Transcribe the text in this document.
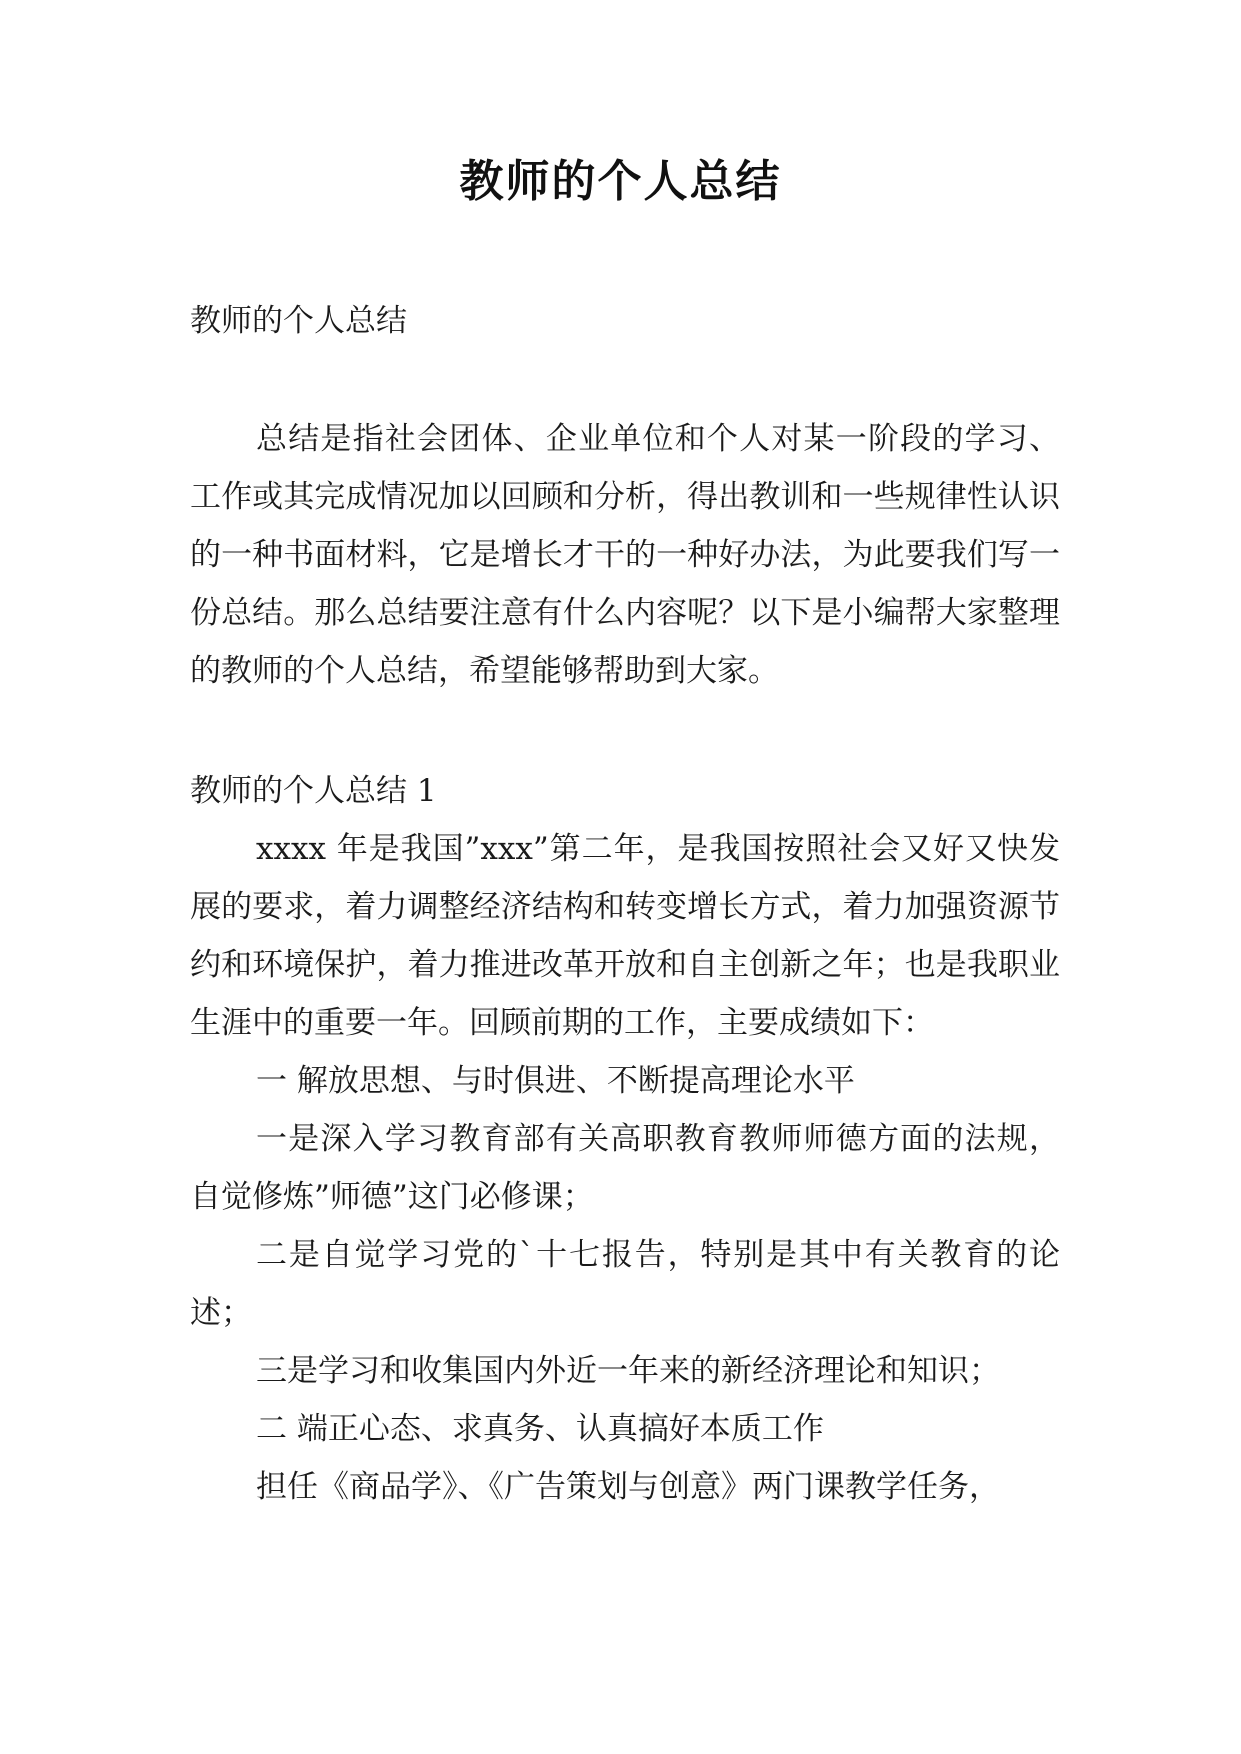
教师的个人总结

教师的个人总结

总结是指社会团体、企业单位和个人对某一阶段的学习、工作或其完成情况加以回顾和分析，得出教训和一些规律性认识的一种书面材料，它是增长才干的一种好办法，为此要我们写一份总结。那么总结要注意有什么内容呢？以下是小编帮大家整理的教师的个人总结，希望能够帮助到大家。

教师的个人总结 1

xxxx 年是我国”xxx”第二年，是我国按照社会又好又快发展的要求，着力调整经济结构和转变增长方式，着力加强资源节约和环境保护，着力推进改革开放和自主创新之年；也是我职业生涯中的重要一年。回顾前期的工作，主要成绩如下：

一 解放思想、与时俱进、不断提高理论水平

一是深入学习教育部有关高职教育教师师德方面的法规，自觉修炼”师德”这门必修课；

二是自觉学习党的`十七报告，特别是其中有关教育的论述；

三是学习和收集国内外近一年来的新经济理论和知识；

二 端正心态、求真务、认真搞好本质工作

担任《商品学》、《广告策划与创意》两门课教学任务，
